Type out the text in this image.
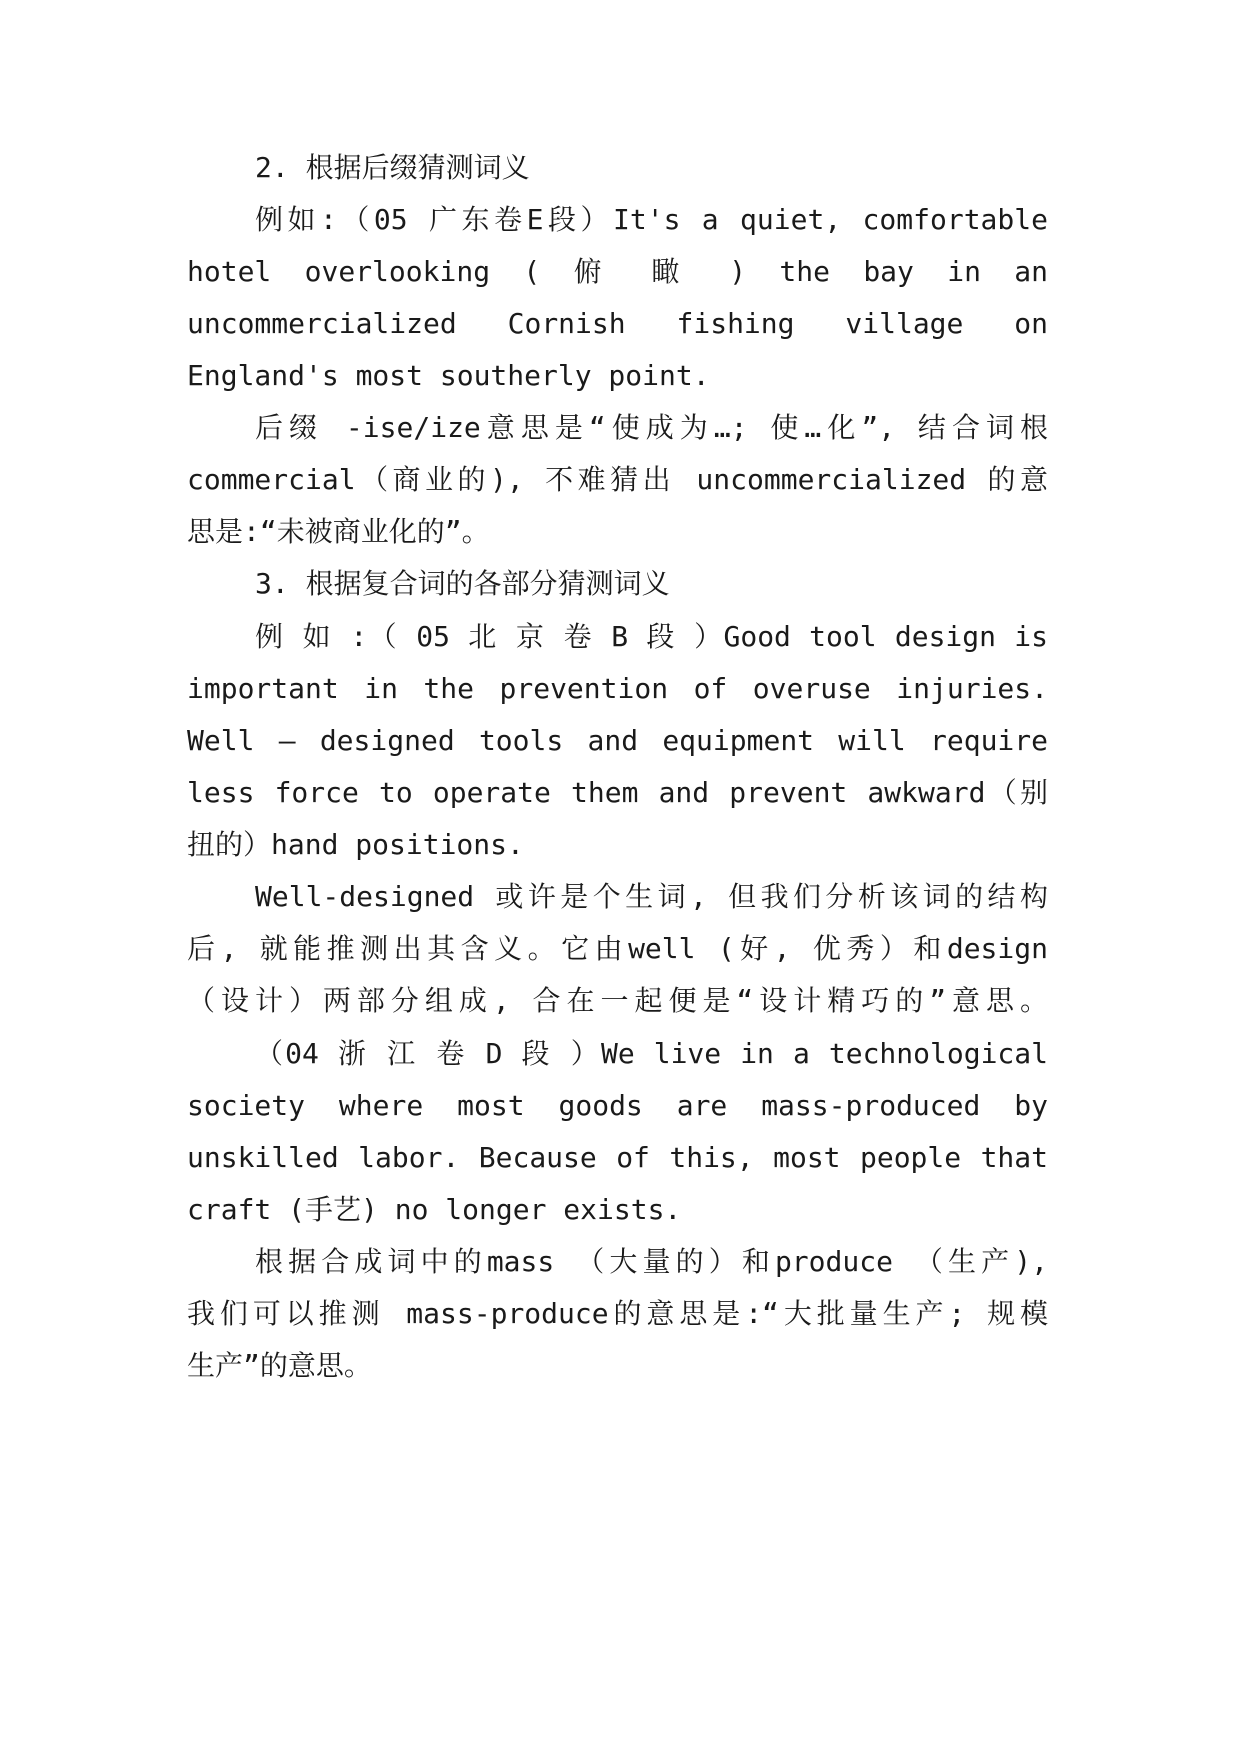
2. 根据后缀猜测词义
例如:（05 广东卷E段）It's a quiet, comfortable
hotel overlooking ( 俯 瞰 ) the bay in an
uncommercialized Cornish fishing village on
England's most southerly point.
后缀 -ise/ize意思是“使成为…; 使…化”, 结合词根
commercial（商业的), 不难猜出 uncommercialized 的意
思是:“未被商业化的”。
3. 根据复合词的各部分猜测词义
例 如 :（ 05 北 京 卷 B 段 ）Good tool design is
important in the prevention of overuse injuries.
Well – designed tools and equipment will require
less force to operate them and prevent awkward（别
扭的）hand positions.
Well-designed 或许是个生词, 但我们分析该词的结构
后, 就能推测出其含义。它由well (好, 优秀）和design
（设计）两部分组成, 合在一起便是“设计精巧的”意思。
（04 浙 江 卷 D 段 ）We live in a technological
society where most goods are mass-produced by
unskilled labor. Because of this, most people that
craft (手艺) no longer exists.
根据合成词中的mass （大量的）和produce （生产),
我们可以推测 mass-produce的意思是:“大批量生产; 规模
生产”的意思。
